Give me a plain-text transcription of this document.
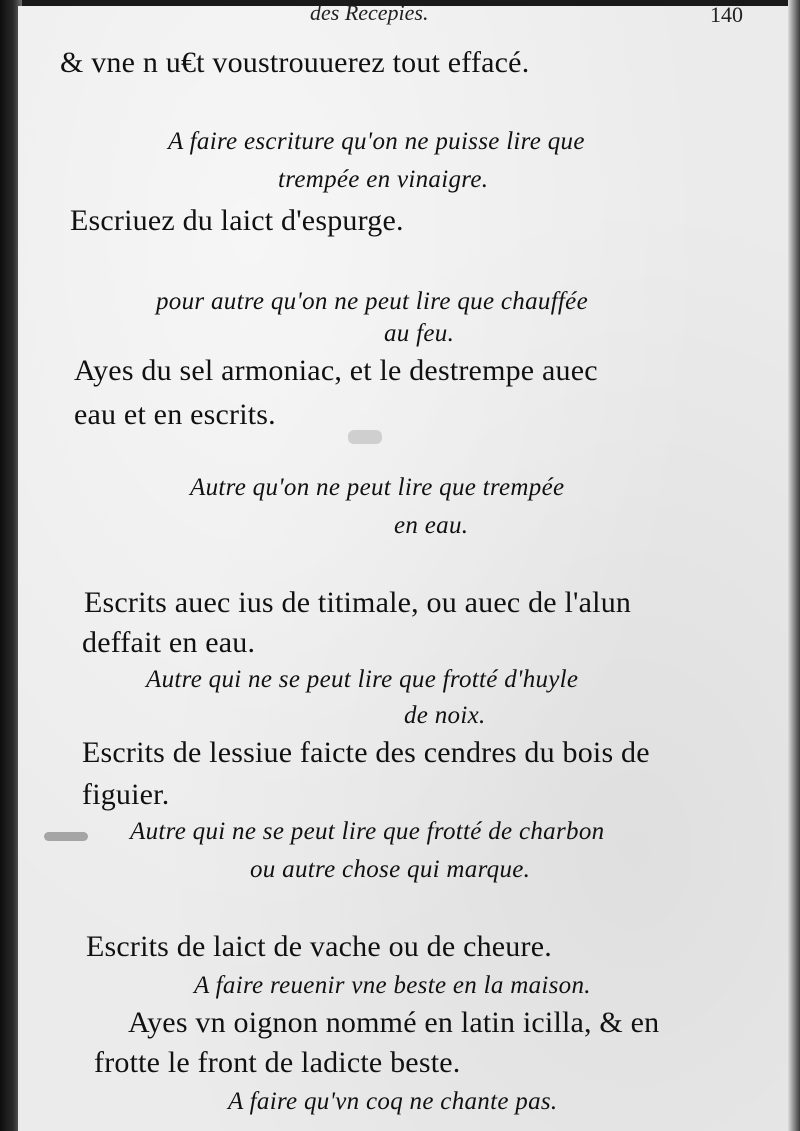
des Recepies.	140
& vne n u€t voustrouuerez tout effacé.
A faire escriture qu'on ne puisse lire que
trempée en vinaigre.
Escriuez du laict d'espurge.
pour autre qu'on ne peut lire que chauffée
au feu.
Ayes du sel armoniac, et le destrempe auec
eau et en escrits.
Autre qu'on ne peut lire que trempée
en eau.
Escrits auec ius de titimale, ou auec de l'alun
deffait en eau.
Autre qui ne se peut lire que frotté d'huyle
de noix.
Escrits de lessiue faicte des cendres du bois de
figuier.
Autre qui ne se peut lire que frotté de charbon
ou autre chose qui marque.
Escrits de laict de vache ou de cheure.
A faire reuenir vne beste en la maison.
Ayes vn oignon nommé en latin icilla, & en
frotte le front de ladicte beste.
A faire qu'vn coq ne chante pas.
